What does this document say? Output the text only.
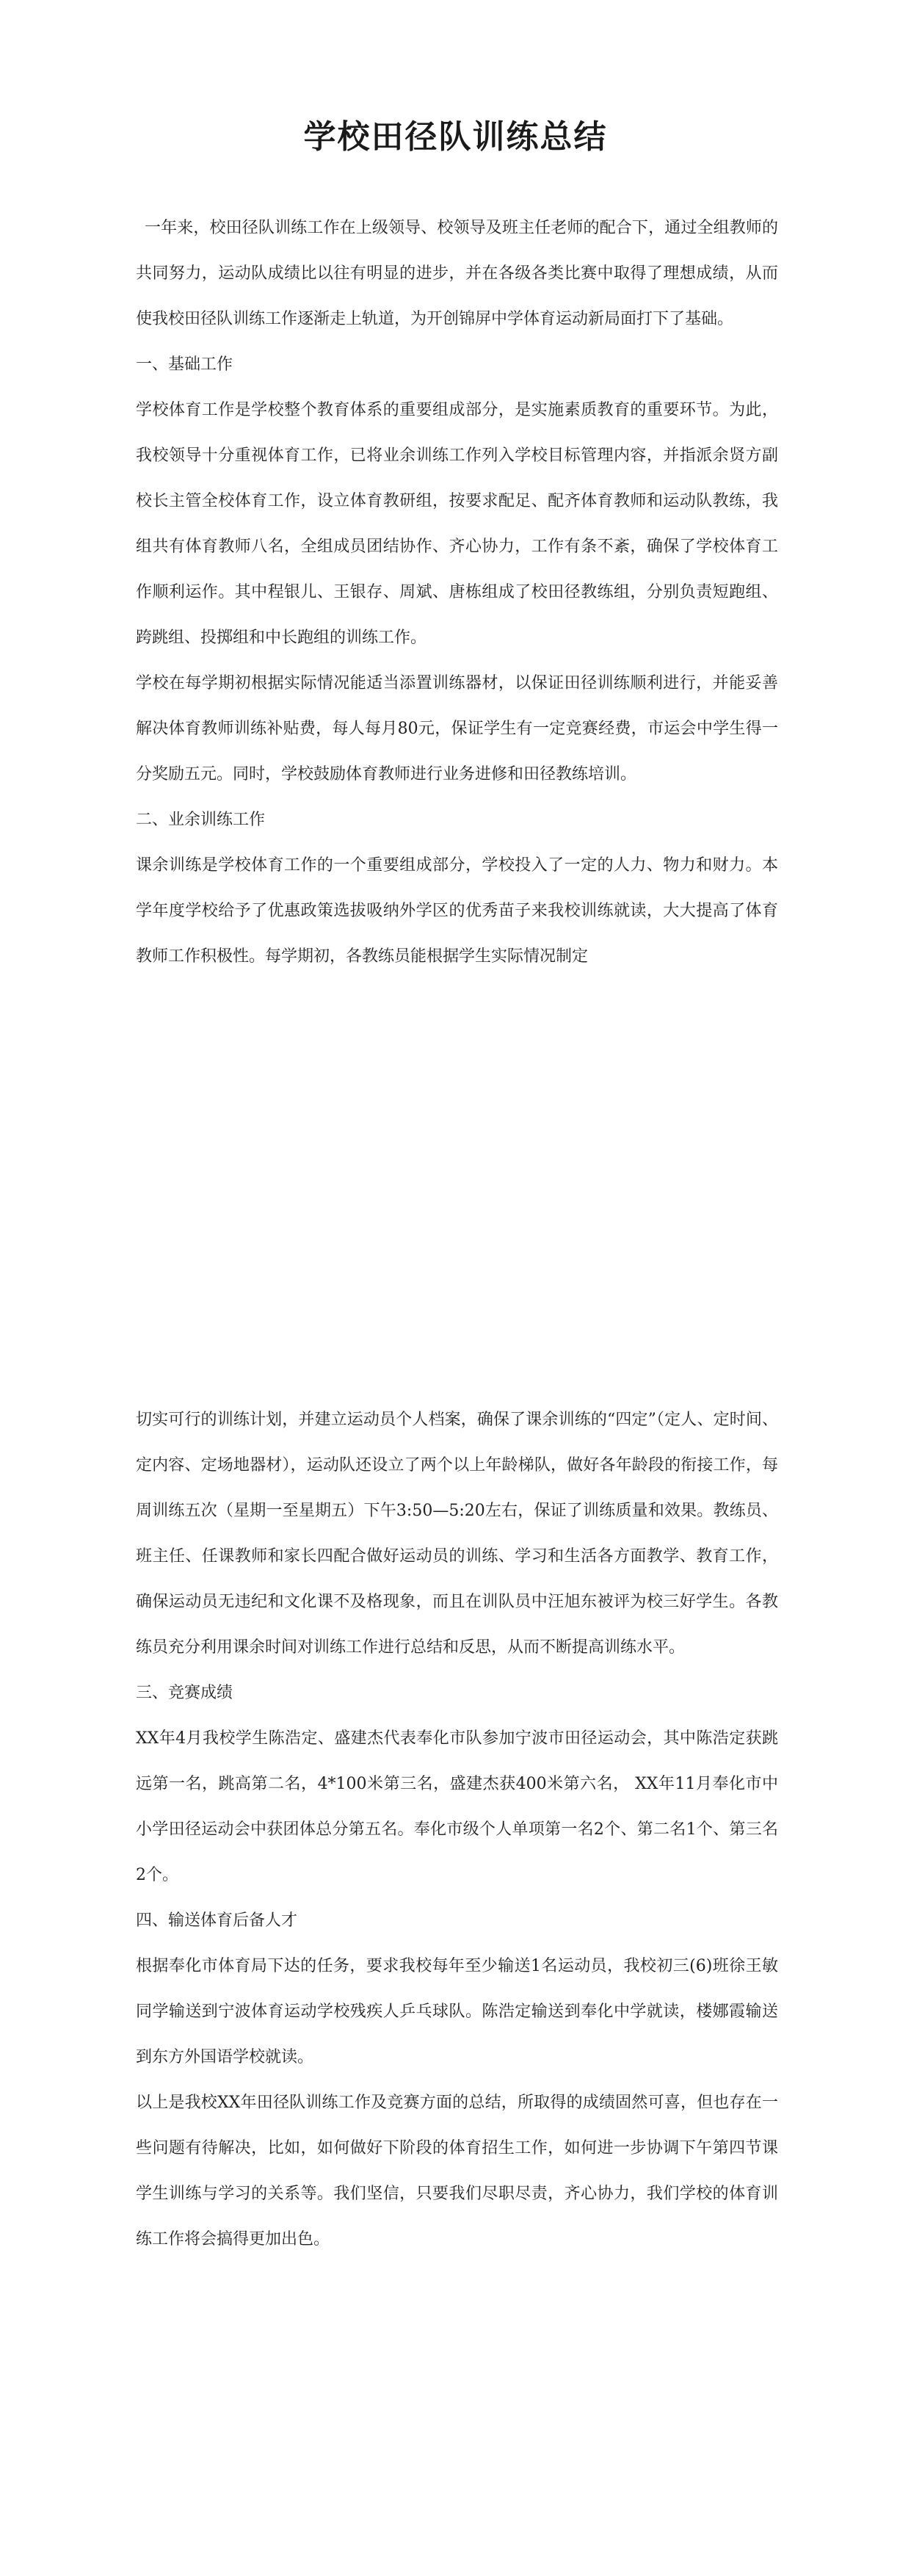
学校田径队训练总结

一年来，校田径队训练工作在上级领导、校领导及班主任老师的配合下，通过全组教师的共同努力，运动队成绩比以往有明显的进步，并在各级各类比赛中取得了理想成绩，从而使我校田径队训练工作逐渐走上轨道，为开创锦屏中学体育运动新局面打下了基础。

一、基础工作

学校体育工作是学校整个教育体系的重要组成部分，是实施素质教育的重要环节。为此，我校领导十分重视体育工作，已将业余训练工作列入学校目标管理内容，并指派余贤方副校长主管全校体育工作，设立体育教研组，按要求配足、配齐体育教师和运动队教练，我组共有体育教师八名，全组成员团结协作、齐心协力，工作有条不紊，确保了学校体育工作顺利运作。其中程银儿、王银存、周斌、唐栋组成了校田径教练组，分别负责短跑组、跨跳组、投掷组和中长跑组的训练工作。

学校在每学期初根据实际情况能适当添置训练器材，以保证田径训练顺利进行，并能妥善解决体育教师训练补贴费，每人每月80元，保证学生有一定竞赛经费，市运会中学生得一分奖励五元。同时，学校鼓励体育教师进行业务进修和田径教练培训。

二、业余训练工作

课余训练是学校体育工作的一个重要组成部分，学校投入了一定的人力、物力和财力。本学年度学校给予了优惠政策选拔吸纳外学区的优秀苗子来我校训练就读，大大提高了体育教师工作积极性。每学期初，各教练员能根据学生实际情况制定

切实可行的训练计划，并建立运动员个人档案，确保了课余训练的“四定”（定人、定时间、定内容、定场地器材），运动队还设立了两个以上年龄梯队，做好各年龄段的衔接工作，每周训练五次（星期一至星期五）下午3:50—5:20左右，保证了训练质量和效果。教练员、班主任、任课教师和家长四配合做好运动员的训练、学习和生活各方面教学、教育工作，确保运动员无违纪和文化课不及格现象，而且在训队员中汪旭东被评为校三好学生。各教练员充分利用课余时间对训练工作进行总结和反思，从而不断提高训练水平。

三、竞赛成绩

XX年4月我校学生陈浩定、盛建杰代表奉化市队参加宁波市田径运动会，其中陈浩定获跳远第一名，跳高第二名，4*100米第三名，盛建杰获400米第六名， XX年11月奉化市中小学田径运动会中获团体总分第五名。奉化市级个人单项第一名2个、第二名1个、第三名2个。

四、输送体育后备人才

根据奉化市体育局下达的任务，要求我校每年至少输送1名运动员，我校初三(6)班徐王敏同学输送到宁波体育运动学校残疾人乒乓球队。陈浩定输送到奉化中学就读，楼娜霞输送到东方外国语学校就读。

以上是我校XX年田径队训练工作及竞赛方面的总结，所取得的成绩固然可喜，但也存在一些问题有待解决，比如，如何做好下阶段的体育招生工作，如何进一步协调下午第四节课学生训练与学习的关系等。我们坚信，只要我们尽职尽责，齐心协力，我们学校的体育训练工作将会搞得更加出色。
